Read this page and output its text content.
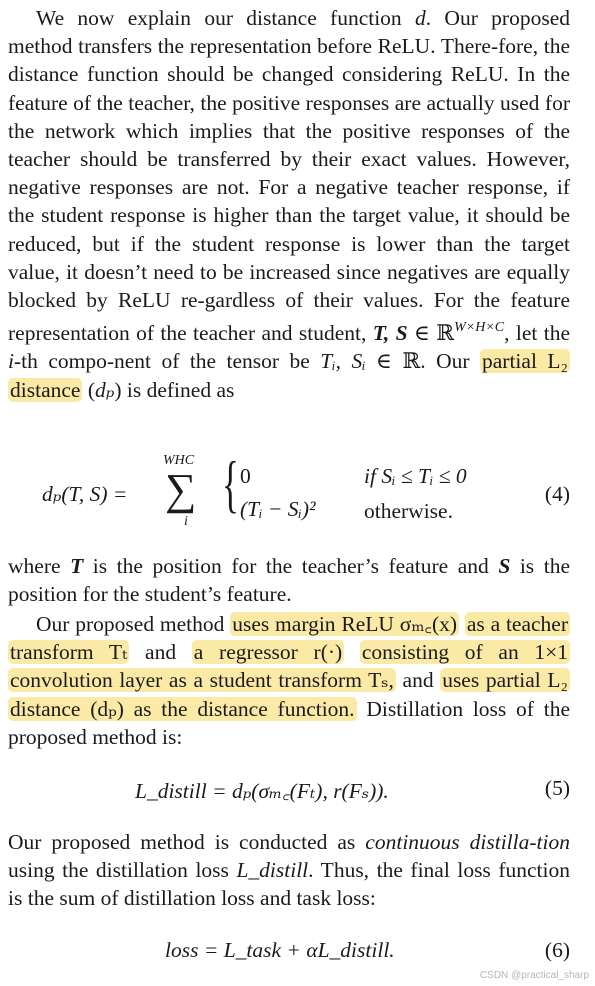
We now explain our distance function d. Our proposed method transfers the representation before ReLU. There-fore, the distance function should be changed considering ReLU. In the feature of the teacher, the positive responses are actually used for the network which implies that the positive responses of the teacher should be transferred by their exact values. However, negative responses are not. For a negative teacher response, if the student response is higher than the target value, it should be reduced, but if the student response is lower than the target value, it doesn’t need to be increased since negatives are equally blocked by ReLU re-gardless of their values. For the feature representation of the teacher and student, T, S ∈ ℝ$^{W\times H\times C}$, let the i-th compo-nent of the tensor be Tᵢ, Sᵢ ∈ ℝ. Our partial L₂ distance (dₚ) is defined as

dₚ(T, S) =
WHC
∑
i
{ 0	if Sᵢ ≤ Tᵢ ≤ 0
(Tᵢ − Sᵢ)² otherwise.
(4)

where T is the position for the teacher’s feature and S is the position for the student’s feature.

Our proposed method uses margin ReLU σₘ꜀(x) as a teacher transform Tₜ and a regressor r(·) consisting of an 1×1 convolution layer as a student transform Tₛ, and uses partial L₂ distance (dₚ) as the distance function. Distillation loss of the proposed method is:

L_distill = dₚ(σₘ꜀(Fₜ), r(Fₛ)).	(5)

Our proposed method is conducted as continuous distilla-tion using the distillation loss L_distill. Thus, the final loss function is the sum of distillation loss and task loss:

loss = L_task + αL_distill.	(6)
CSDN @practical_sharp
